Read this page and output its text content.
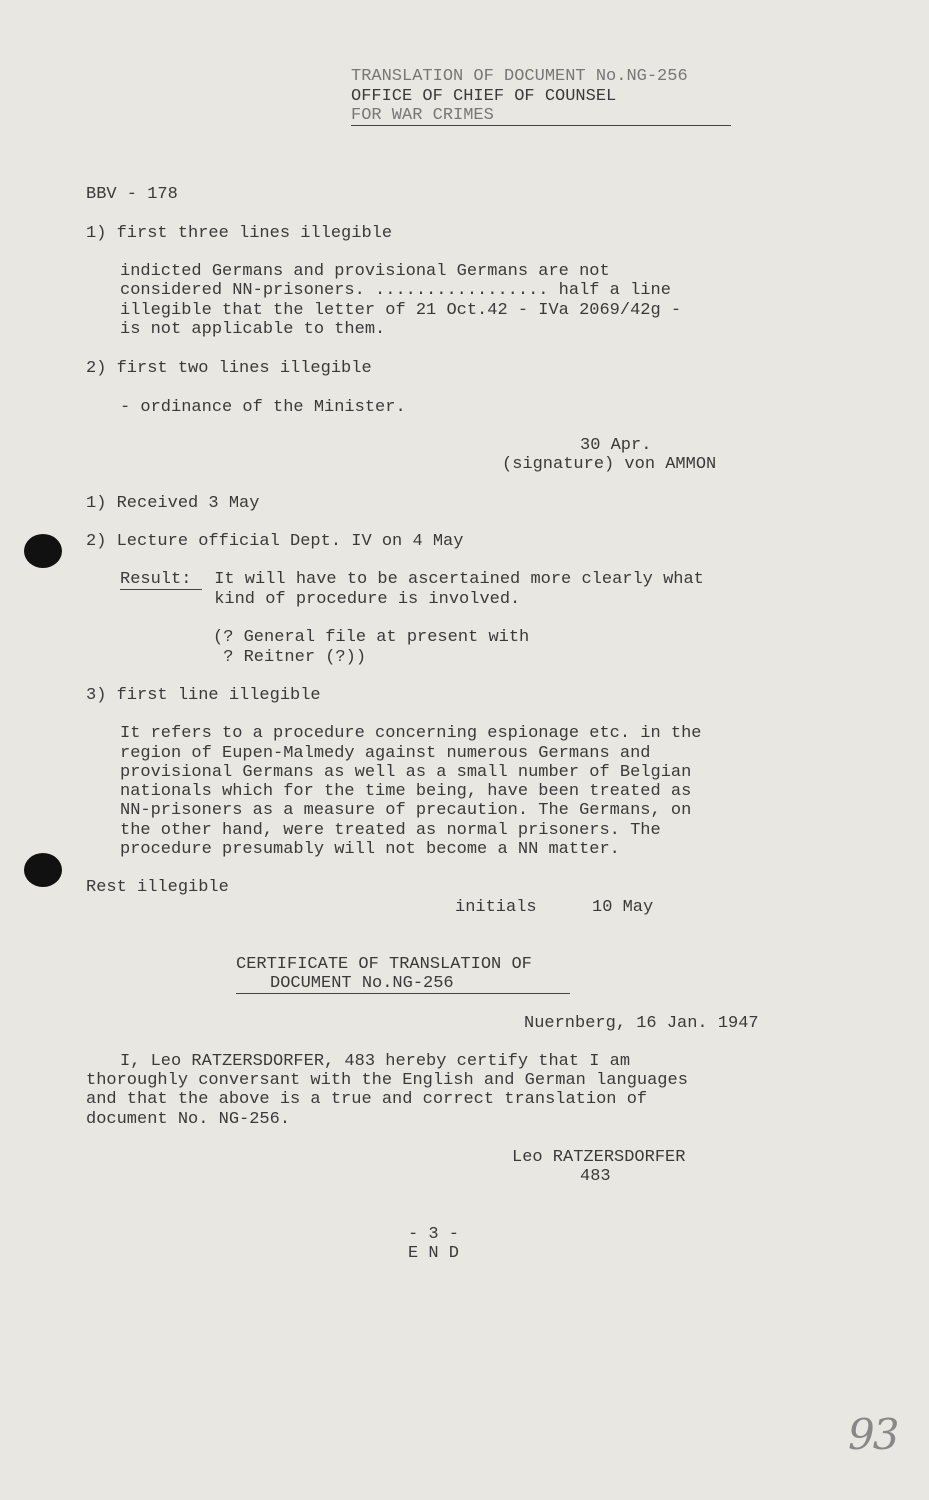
TRANSLATION OF DOCUMENT No.NG-256
OFFICE OF CHIEF OF COUNSEL
FOR WAR CRIMES
BBV - 178
1) first three lines illegible
indicted Germans and provisional Germans are not
considered NN-prisoners. ................. half a line
illegible that the letter of 21 Oct.42 - IVa 2069/42g -
is not applicable to them.
2) first two lines illegible
- ordinance of the Minister.
30 Apr.
(signature) von AMMON
1) Received 3 May
2) Lecture official Dept. IV on 4 May
Result: It will have to be ascertained more clearly what
kind of procedure is involved.
(? General file at present with
? Reitner (?))
3) first line illegible
It refers to a procedure concerning espionage etc. in the
region of Eupen-Malmedy against numerous Germans and
provisional Germans as well as a small number of Belgian
nationals which for the time being, have been treated as
NN-prisoners as a measure of precaution. The Germans, on
the other hand, were treated as normal prisoners. The
procedure presumably will not become a NN matter.
Rest illegible
initials	10 May
CERTIFICATE OF TRANSLATION OF
DOCUMENT No.NG-256
Nuernberg, 16 Jan. 1947
I, Leo RATZERSDORFER, 483 hereby certify that I am
thoroughly conversant with the English and German languages
and that the above is a true and correct translation of
document No. NG-256.
Leo RATZERSDORFER
483
- 3 -
E N D
93
